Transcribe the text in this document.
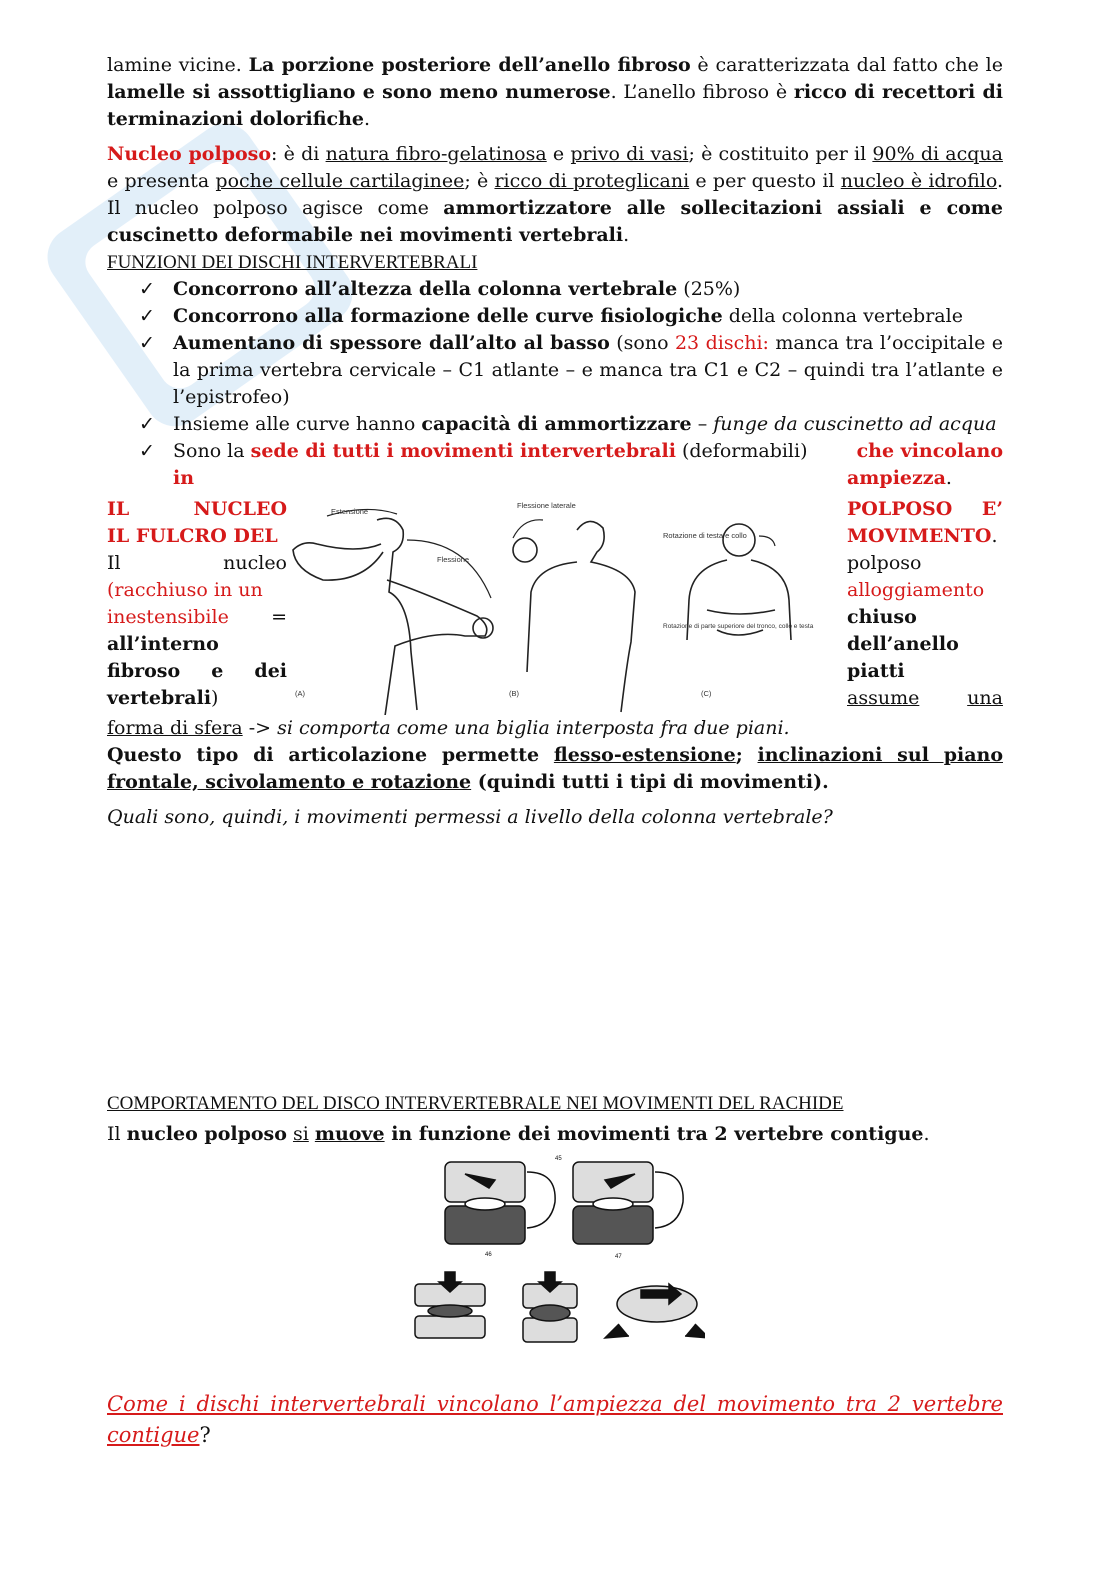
lamine vicine. La porzione posteriore dell’anello fibroso è caratterizzata dal fatto che le lamelle si assottigliano e sono meno numerose. L’anello fibroso è ricco di recettori di terminazioni dolorifiche.

Nucleo polposo: è di natura fibro-gelatinosa e privo di vasi; è costituito per il 90% di acqua e presenta poche cellule cartilaginee; è ricco di proteglicani e per questo il nucleo è idrofilo. Il nucleo polposo agisce come ammortizzatore alle sollecitazioni assiali e come cuscinetto deformabile nei movimenti vertebrali.

FUNZIONI DEI DISCHI INTERVERTEBRALI
✓ Concorrono all’altezza della colonna vertebrale (25%)
✓ Concorrono alla formazione delle curve fisiologiche della colonna vertebrale
✓ Aumentano di spessore dall’alto al basso (sono 23 dischi: manca tra l’occipitale e la prima vertebra cervicale – C1 atlante – e manca tra C1 e C2 – quindi tra l’atlante e l’epistrofeo)
✓ Insieme alle curve hanno capacità di ammortizzare – funge da cuscinetto ad acqua
✓ Sono la sede di tutti i movimenti intervertebrali (deformabili)	che vincolano
in	ampiezza.
IL	NUCLEO
IL FULCRO DEL
Il	nucleo
(racchiuso in un
inestensibile =
all’interno
fibroso e dei
vertebrali)
Estensione
Flessione
Flessione laterale
Rotazione di testa e collo
Rotazione di parte superiore del tronco, collo e testa
(A)	(B)	(C)
POLPOSO E’
MOVIMENTO.
polposo
alloggiamento
chiuso
dell’anello
piatti
assume	una

forma di sfera -> si comporta come una biglia interposta fra due piani.

Questo tipo di articolazione permette flesso-estensione; inclinazioni sul piano frontale, scivolamento e rotazione (quindi tutti i tipi di movimenti).

Quali sono, quindi, i movimenti permessi a livello della colonna vertebrale?

COMPORTAMENTO DEL DISCO INTERVERTEBRALE NEI MOVIMENTI DEL RACHIDE

Il nucleo polposo si muove in funzione dei movimenti tra 2 vertebre contigue.

45
46	47

Come i dischi intervertebrali vincolano l’ampiezza del movimento tra 2 vertebre contigue?
